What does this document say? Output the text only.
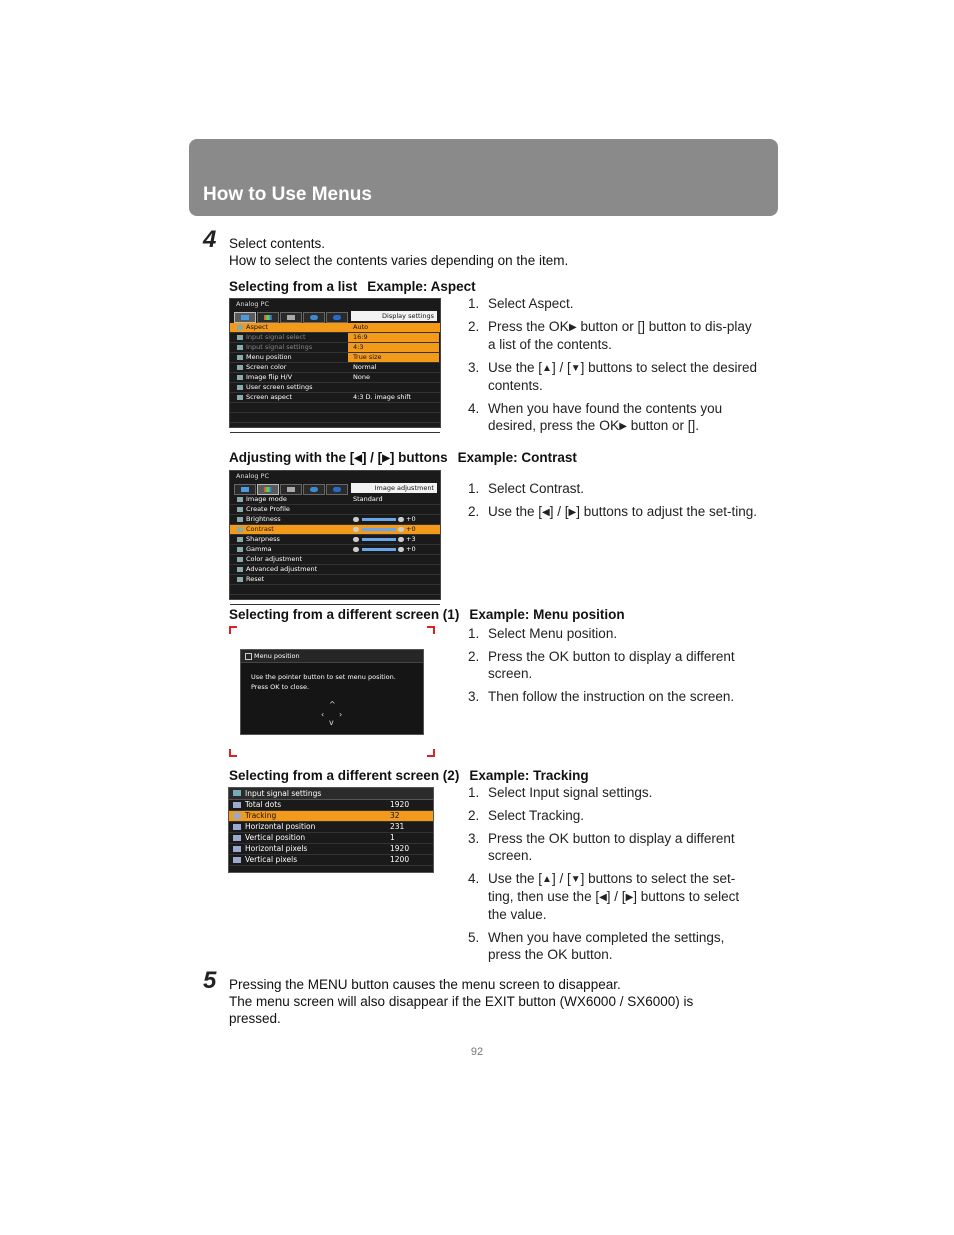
How to Use Menus
4 Select contents.
How to select the contents varies depending on the item.
Selecting from a list Example: Aspect
Analog PC
Display settings
Aspect	Auto
Input signal select	16:9
Input signal settings	4:3
Menu position	True size
Screen color	Normal
Image flip H/V	None
User screen settings
Screen aspect	4:3 D. image shift
1. Select Aspect.
2. Press the OK▶ button or [] button to dis-play a list of the contents.
3. Use the [▲] / [▼] buttons to select the desired contents.
4. When you have found the contents you desired, press the OK▶ button or [].
Adjusting with the [◀] / [▶] buttons Example: Contrast
Analog PC
Image adjustment
Image mode	Standard
Create Profile
Brightness	+0
Contrast	+0
Sharpness	+3
Gamma	+0
Color adjustment
Advanced adjustment
Reset
1. Select Contrast.
2. Use the [◀] / [▶] buttons to adjust the set-ting.
Selecting from a different screen (1) Example: Menu position
Menu position
Use the pointer button to set menu position.
Press OK to close.
^
‹ ›
v
1. Select Menu position.
2. Press the OK button to display a different screen.
3. Then follow the instruction on the screen.
Selecting from a different screen (2) Example: Tracking
Input signal settings
Total dots	1920
Tracking	32
Horizontal position	231
Vertical position	1
Horizontal pixels	1920
Vertical pixels	1200
1. Select Input signal settings.
2. Select Tracking.
3. Press the OK button to display a different screen.
4. Use the [▲] / [▼] buttons to select the set-ting, then use the [◀] / [▶] buttons to select the value.
5. When you have completed the settings, press the OK button.
5 Pressing the MENU button causes the menu screen to disappear.
The menu screen will also disappear if the EXIT button (WX6000 / SX6000) is
pressed.
92
